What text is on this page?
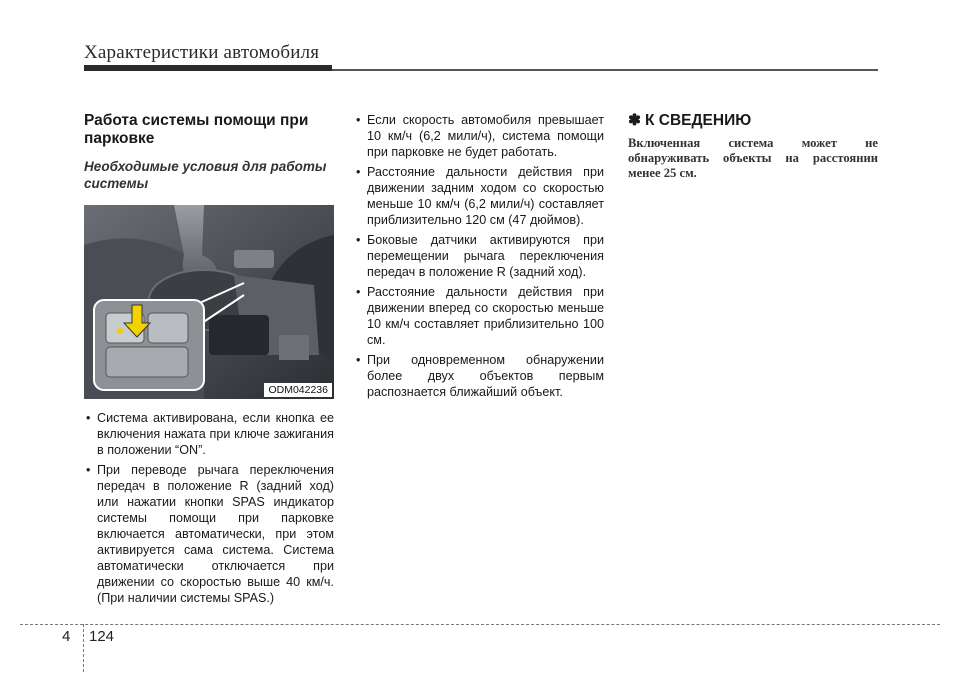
Характеристики автомобиля
Работа системы помощи при парковке
Необходимые условия для работы системы
ODM042236
• Система активирована, если кнопка ее включения нажата при ключе зажигания в положении “ON”.
• При переводе рычага переключения передач в положение R (задний ход) или нажатии кнопки SPAS индикатор системы помощи при парковке включается автоматически, при этом активируется сама система. Система автоматически отключается при движении со скоростью выше 40 км/ч. (При наличии системы SPAS.)
• Если скорость автомобиля превышает 10 км/ч (6,2 мили/ч), система помощи при парковке не будет работать.
• Расстояние дальности действия при движении задним ходом со скоростью меньше 10 км/ч (6,2 мили/ч) составляет приблизительно 120 см (47 дюймов).
• Боковые датчики активируются при перемещении рычага переключения передач в положение R (задний ход).
• Расстояние дальности действия при движении вперед со скоростью меньше 10 км/ч составляет приблизительно 100 см.
• При одновременном обнаружении более двух объектов первым распознается ближайший объект.
✽ К СВЕДЕНИЮ
Включенная система может не обнаруживать объекты на расстоянии менее 25 см.
4 124
